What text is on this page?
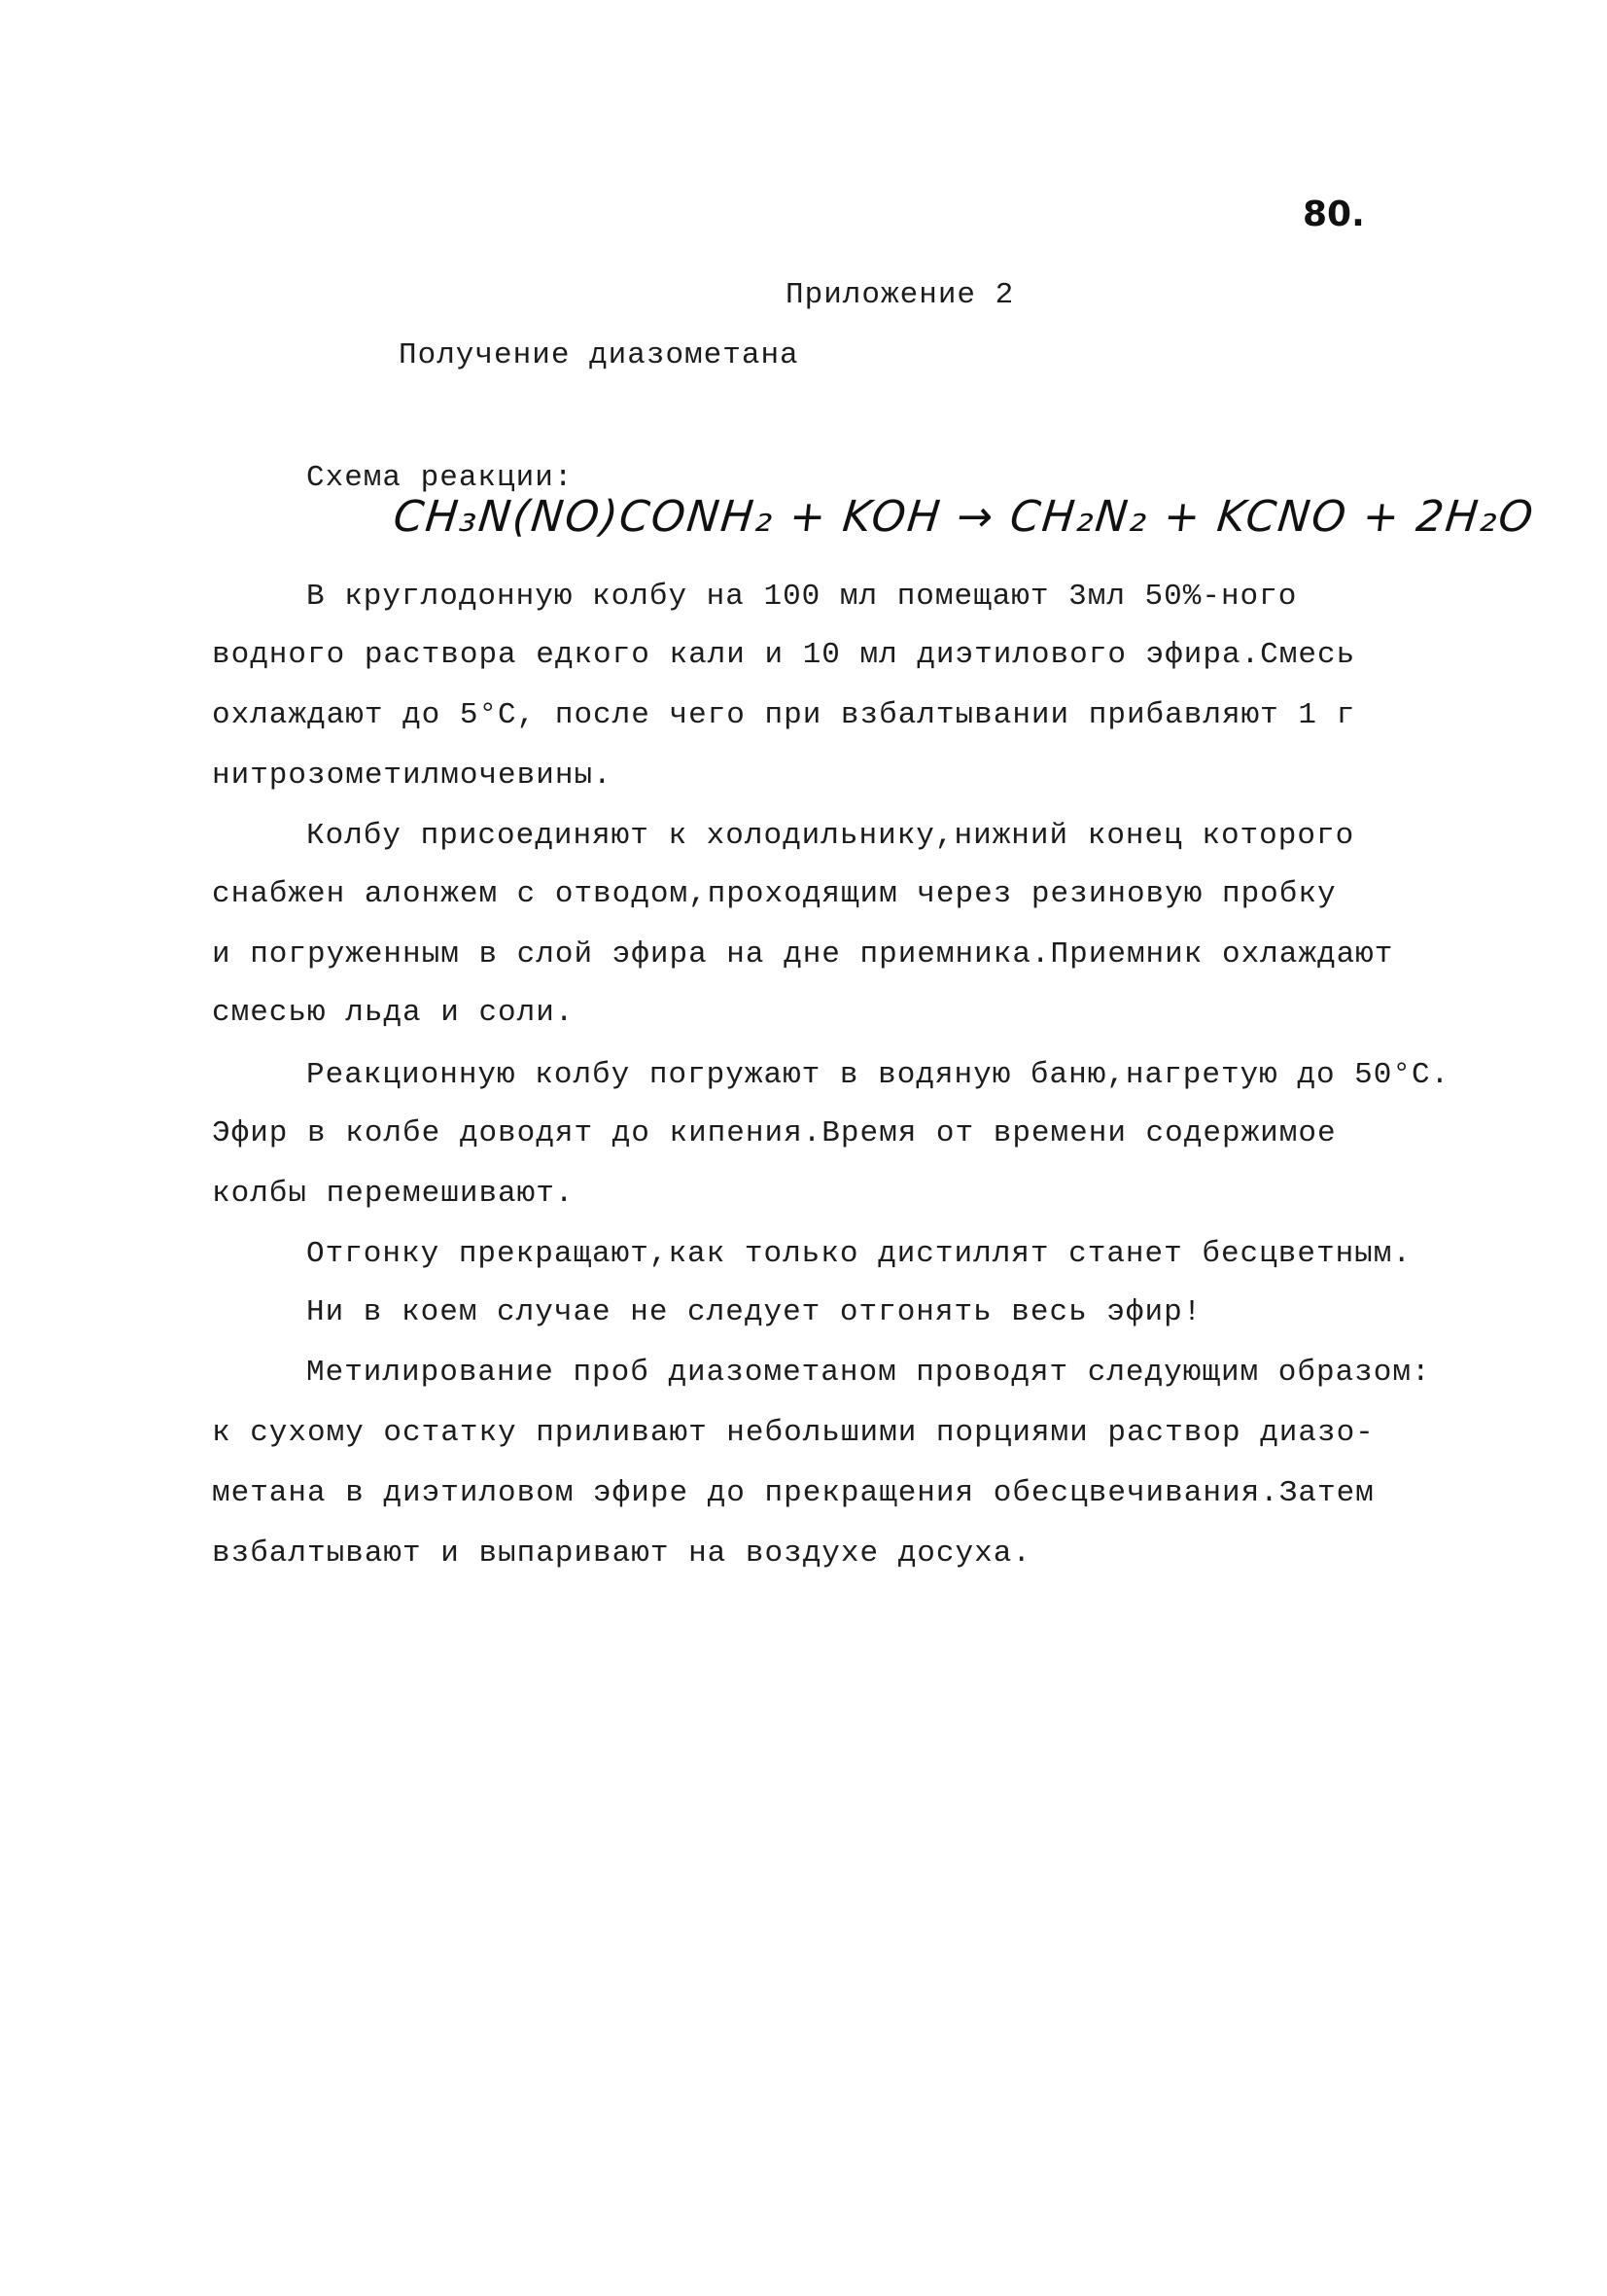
80.
Приложение 2
Получение диазометана
Схема реакции:
CH₃N(NO)CONH₂ + KOH → CH₂N₂ + KCNO + 2H₂O
В круглодонную колбу на 100 мл помещают 3мл 50%-ного
водного раствора едкого кали и 10 мл диэтилового эфира.Смесь
охлаждают до 5°C, после чего при взбалтывании прибавляют 1 г
нитрозометилмочевины.
Колбу присоединяют к холодильнику,нижний конец которого
снабжен алонжем с отводом,проходящим через резиновую пробку
и погруженным в слой эфира на дне приемника.Приемник охлаждают
смесью льда и соли.
Реакционную колбу погружают в водяную баню,нагретую до 50°C.
Эфир в колбе доводят до кипения.Время от времени содержимое
колбы перемешивают.
Отгонку прекращают,как только дистиллят станет бесцветным.
Ни в коем случае не следует отгонять весь эфир!
Метилирование проб диазометаном проводят следующим образом:
к сухому остатку приливают небольшими порциями раствор диазо-
метана в диэтиловом эфире до прекращения обесцвечивания.Затем
взбалтывают и выпаривают на воздухе досуха.
